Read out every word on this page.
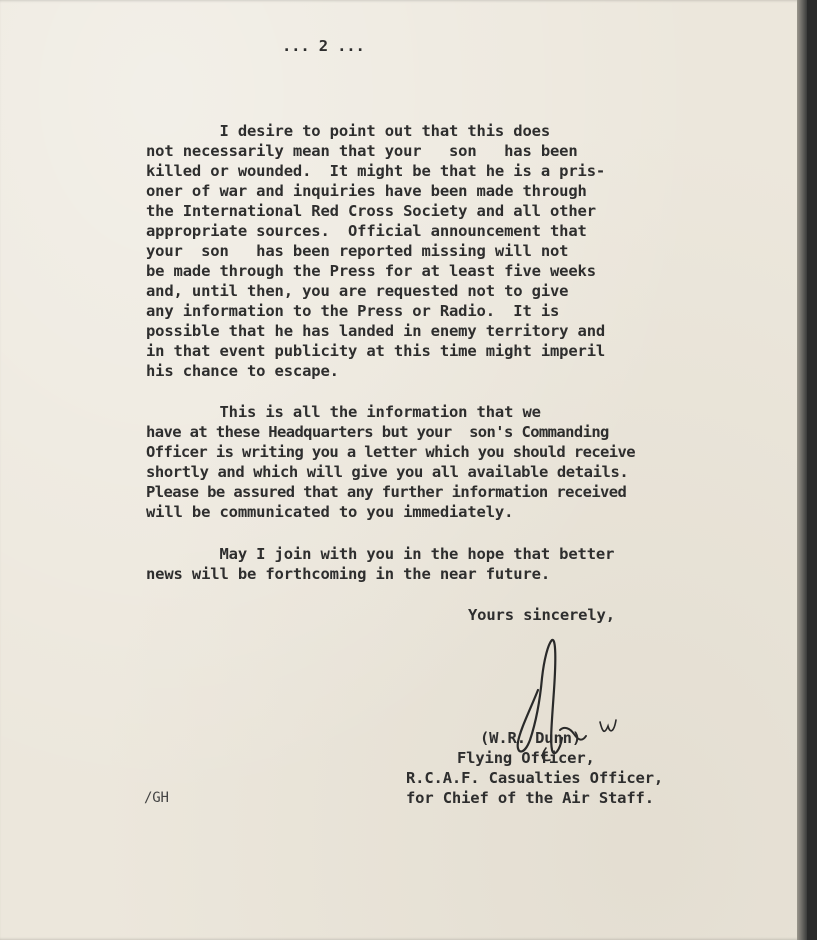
... 2 ...
I desire to point out that this does
not necessarily mean that your   son   has been
killed or wounded.  It might be that he is a pris-
oner of war and inquiries have been made through
the International Red Cross Society and all other
appropriate sources.  Official announcement that
your  son   has been reported missing will not
be made through the Press for at least five weeks
and, until then, you are requested not to give
any information to the Press or Radio.  It is
possible that he has landed in enemy territory and
in that event publicity at this time might imperil
his chance to escape.
This is all the information that we
have at these Headquarters but your  son's Commanding
Officer is writing you a letter which you should receive
shortly and which will give you all available details.
Please be assured that any further information received
will be communicated to you immediately.
May I join with you in the hope that better
news will be forthcoming in the near future.
Yours sincerely,
(W.R. Dunn)
Flying Officer,
R.C.A.F. Casualties Officer,
for Chief of the Air Staff.
/GH
